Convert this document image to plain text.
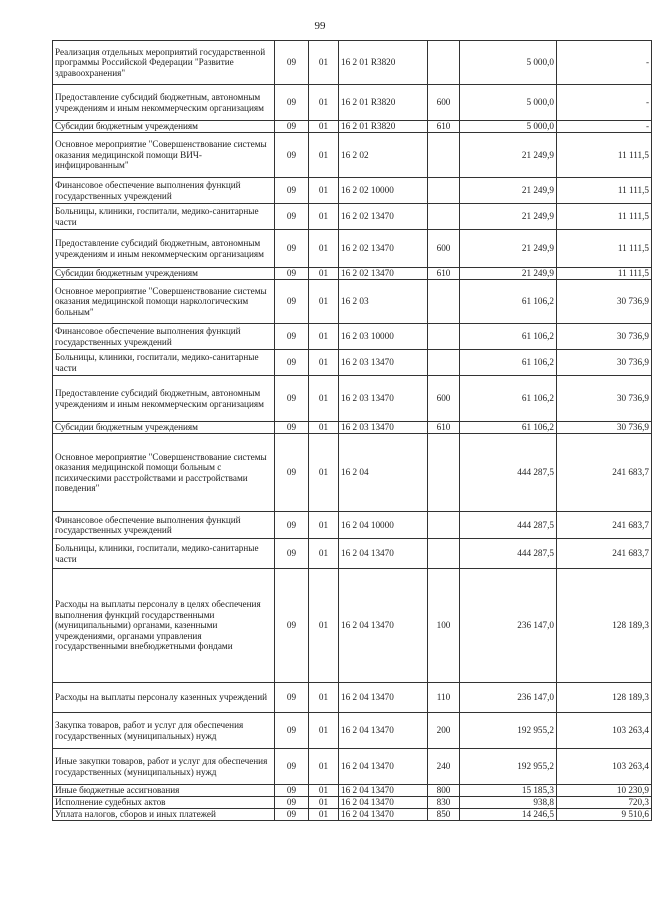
99
Реализация отдельных мероприятий государственной программы Российской Федерации "Развитие здравоохранения"	09	01	16 2 01 R3820		5 000,0	-
Предоставление субсидий бюджетным, автономным учреждениям и иным некоммерческим организациям	09	01	16 2 01 R3820	600	5 000,0	-
Субсидии бюджетным учреждениям	09	01	16 2 01 R3820	610	5 000,0	-
Основное мероприятие "Совершенствование системы оказания медицинской помощи ВИЧ-инфицированным"	09	01	16 2 02		21 249,9	11 111,5
Финансовое обеспечение выполнения функций государственных учреждений	09	01	16 2 02 10000		21 249,9	11 111,5
Больницы, клиники, госпитали, медико-санитарные части	09	01	16 2 02 13470		21 249,9	11 111,5
Предоставление субсидий бюджетным, автономным учреждениям и иным некоммерческим организациям	09	01	16 2 02 13470	600	21 249,9	11 111,5
Субсидии бюджетным учреждениям	09	01	16 2 02 13470	610	21 249,9	11 111,5
Основное мероприятие "Совершенствование системы оказания медицинской помощи наркологическим больным"	09	01	16 2 03		61 106,2	30 736,9
Финансовое обеспечение выполнения функций государственных учреждений	09	01	16 2 03 10000		61 106,2	30 736,9
Больницы, клиники, госпитали, медико-санитарные части	09	01	16 2 03 13470		61 106,2	30 736,9
Предоставление субсидий бюджетным, автономным учреждениям и иным некоммерческим организациям	09	01	16 2 03 13470	600	61 106,2	30 736,9
Субсидии бюджетным учреждениям	09	01	16 2 03 13470	610	61 106,2	30 736,9
Основное мероприятие "Совершенствование системы оказания медицинской помощи больным с психическими расстройствами и расстройствами поведения"	09	01	16 2 04		444 287,5	241 683,7
Финансовое обеспечение выполнения функций государственных учреждений	09	01	16 2 04 10000		444 287,5	241 683,7
Больницы, клиники, госпитали, медико-санитарные части	09	01	16 2 04 13470		444 287,5	241 683,7
Расходы на выплаты персоналу в целях обеспечения выполнения функций государственными (муниципальными) органами, казенными учреждениями, органами управления государственными внебюджетными фондами	09	01	16 2 04 13470	100	236 147,0	128 189,3
Расходы на выплаты персоналу казенных учреждений	09	01	16 2 04 13470	110	236 147,0	128 189,3
Закупка товаров, работ и услуг для обеспечения государственных (муниципальных) нужд	09	01	16 2 04 13470	200	192 955,2	103 263,4
Иные закупки товаров, работ и услуг для обеспечения государственных (муниципальных) нужд	09	01	16 2 04 13470	240	192 955,2	103 263,4
Иные бюджетные ассигнования	09	01	16 2 04 13470	800	15 185,3	10 230,9
Исполнение судебных актов	09	01	16 2 04 13470	830	938,8	720,3
Уплата налогов, сборов и иных платежей	09	01	16 2 04 13470	850	14 246,5	9 510,6
